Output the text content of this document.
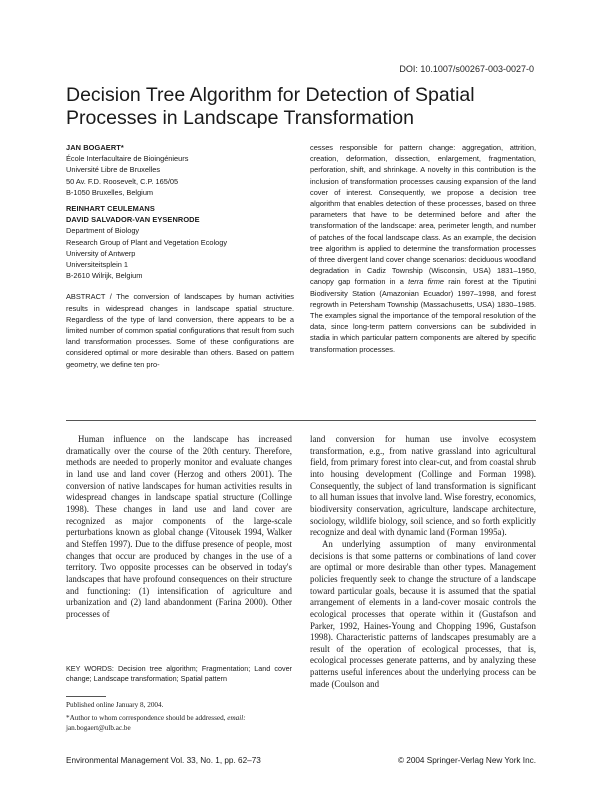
DOI: 10.1007/s00267-003-0027-0
Decision Tree Algorithm for Detection of Spatial Processes in Landscape Transformation
JAN BOGAERT*
École Interfacultaire de Bioingénieurs
Université Libre de Bruxelles
50 Av. F.D. Roosevelt, C.P. 165/05
B-1050 Bruxelles, Belgium
REINHART CEULEMANS
DAVID SALVADOR-VAN EYSENRODE
Department of Biology
Research Group of Plant and Vegetation Ecology
University of Antwerp
Universiteitsplein 1
B-2610 Wilrijk, Belgium
ABSTRACT / The conversion of landscapes by human activities results in widespread changes in landscape spatial structure. Regardless of the type of land conversion, there appears to be a limited number of common spatial configurations that result from such land transformation processes. Some of these configurations are considered optimal or more desirable than others. Based on pattern geometry, we define ten pro-
cesses responsible for pattern change: aggregation, attrition, creation, deformation, dissection, enlargement, fragmentation, perforation, shift, and shrinkage. A novelty in this contribution is the inclusion of transformation processes causing expansion of the land cover of interest. Consequently, we propose a decision tree algorithm that enables detection of these processes, based on three parameters that have to be determined before and after the transformation of the landscape: area, perimeter length, and number of patches of the focal landscape class. As an example, the decision tree algorithm is applied to determine the transformation processes of three divergent land cover change scenarios: deciduous woodland degradation in Cadiz Township (Wisconsin, USA) 1831–1950, canopy gap formation in a terra firme rain forest at the Tiputini Biodiversity Station (Amazonian Ecuador) 1997–1998, and forest regrowth in Petersham Township (Massachusetts, USA) 1830–1985. The examples signal the importance of the temporal resolution of the data, since long-term pattern conversions can be subdivided in stadia in which particular pattern components are altered by specific transformation processes.

Human influence on the landscape has increased dramatically over the course of the 20th century. Therefore, methods are needed to properly monitor and evaluate changes in land use and land cover (Herzog and others 2001). The conversion of native landscapes for human activities results in widespread changes in landscape spatial structure (Collinge 1998). These changes in land use and land cover are recognized as major components of the large-scale perturbations known as global change (Vitousek 1994, Walker and Steffen 1997). Due to the diffuse presence of people, most changes that occur are produced by changes in the use of a territory. Two opposite processes can be observed in today's landscapes that have profound consequences on their structure and functioning: (1) intensification of agriculture and urbanization and (2) land abandonment (Farina 2000). Other processes of

land conversion for human use involve ecosystem transformation, e.g., from native grassland into agricultural field, from primary forest into clear-cut, and from coastal shrub into housing development (Collinge and Forman 1998). Consequently, the subject of land transformation is significant to all human issues that involve land. Wise forestry, economics, biodiversity conservation, agriculture, landscape architecture, sociology, wildlife biology, soil science, and so forth explicitly recognize and deal with dynamic land (Forman 1995a).

An underlying assumption of many environmental decisions is that some patterns or combinations of land cover are optimal or more desirable than other types. Management policies frequently seek to change the structure of a landscape toward particular goals, because it is assumed that the spatial arrangement of elements in a land-cover mosaic controls the ecological processes that operate within it (Gustafson and Parker, 1992, Haines-Young and Chopping 1996, Gustafson 1998). Characteristic patterns of landscapes presumably are a result of the operation of ecological processes, that is, ecological processes generate patterns, and by analyzing these patterns useful inferences about the underlying process can be made (Coulson and

KEY WORDS: Decision tree algorithm; Fragmentation; Land cover change; Landscape transformation; Spatial pattern
Published online January 8, 2004.
*Author to whom correspondence should be addressed, email: jan.bogaert@ulb.ac.be
Environmental Management Vol. 33, No. 1, pp. 62–73	© 2004 Springer-Verlag New York Inc.
